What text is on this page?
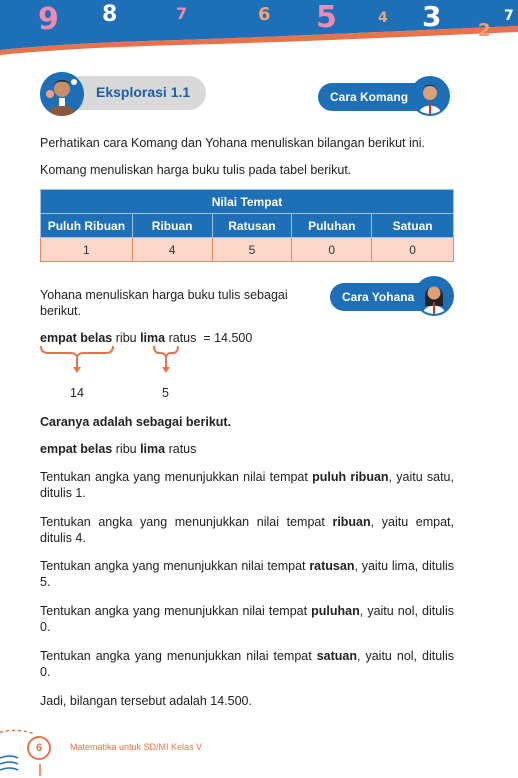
9 8	7	6 5	4 3 2
7
Eksplorasi 1.1	Cara Komang
Perhatikan cara Komang dan Yohana menuliskan bilangan berikut ini.
Komang menuliskan harga buku tulis pada tabel berikut.
Nilai Tempat				
Puluh Ribuan	Ribuan	Ratusan	Puluhan	Satuan
1	4	5	0	0
Yohana menuliskan harga buku tulis sebagai berikut.
Cara Yohana
empat belas ribu lima ratus = 14.500
14	5
Caranya adalah sebagai berikut.
empat belas ribu lima ratus
Tentukan angka yang menunjukkan nilai tempat puluh ribuan, yaitu satu, ditulis 1.
Tentukan angka yang menunjukkan nilai tempat ribuan, yaitu empat, ditulis 4.
Tentukan angka yang menunjukkan nilai tempat ratusan, yaitu lima, ditulis 5.
Tentukan angka yang menunjukkan nilai tempat puluhan, yaitu nol, ditulis 0.
Tentukan angka yang menunjukkan nilai tempat satuan, yaitu nol, ditulis 0.
Jadi, bilangan tersebut adalah 14.500.
6	Matematika untuk SD/MI Kelas V
